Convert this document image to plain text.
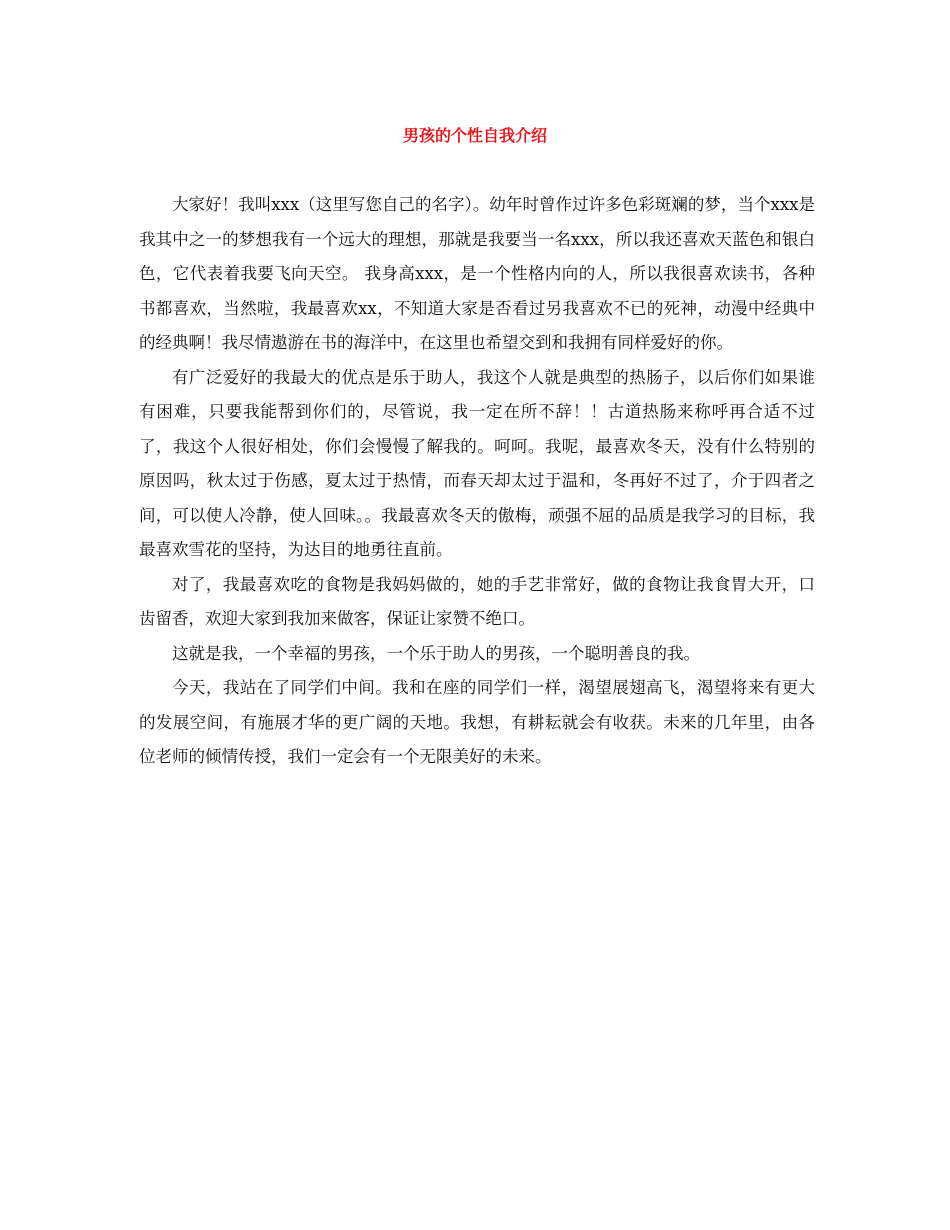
男孩的个性自我介绍

大家好！我叫xxx（这里写您自己的名字）。幼年时曾作过许多色彩斑斓的梦，当个xxx是我其中之一的梦想我有一个远大的理想，那就是我要当一名xxx，所以我还喜欢天蓝色和银白色，它代表着我要飞向天空。 我身高xxx，是一个性格内向的人，所以我很喜欢读书，各种书都喜欢，当然啦，我最喜欢xx，不知道大家是否看过另我喜欢不已的死神，动漫中经典中的经典啊！我尽情遨游在书的海洋中，在这里也希望交到和我拥有同样爱好的你。

有广泛爱好的我最大的优点是乐于助人，我这个人就是典型的热肠子，以后你们如果谁有困难，只要我能帮到你们的，尽管说，我一定在所不辞！！古道热肠来称呼再合适不过了，我这个人很好相处，你们会慢慢了解我的。呵呵。我呢，最喜欢冬天，没有什么特别的原因吗，秋太过于伤感，夏太过于热情，而春天却太过于温和，冬再好不过了，介于四者之间，可以使人冷静，使人回味。。我最喜欢冬天的傲梅，顽强不屈的品质是我学习的目标，我最喜欢雪花的坚持，为达目的地勇往直前。

对了，我最喜欢吃的食物是我妈妈做的，她的手艺非常好，做的食物让我食胃大开，口齿留香，欢迎大家到我加来做客，保证让家赞不绝口。

这就是我，一个幸福的男孩，一个乐于助人的男孩，一个聪明善良的我。

今天，我站在了同学们中间。我和在座的同学们一样，渴望展翅高飞，渴望将来有更大的发展空间，有施展才华的更广阔的天地。我想，有耕耘就会有收获。未来的几年里，由各位老师的倾情传授，我们一定会有一个无限美好的未来。
